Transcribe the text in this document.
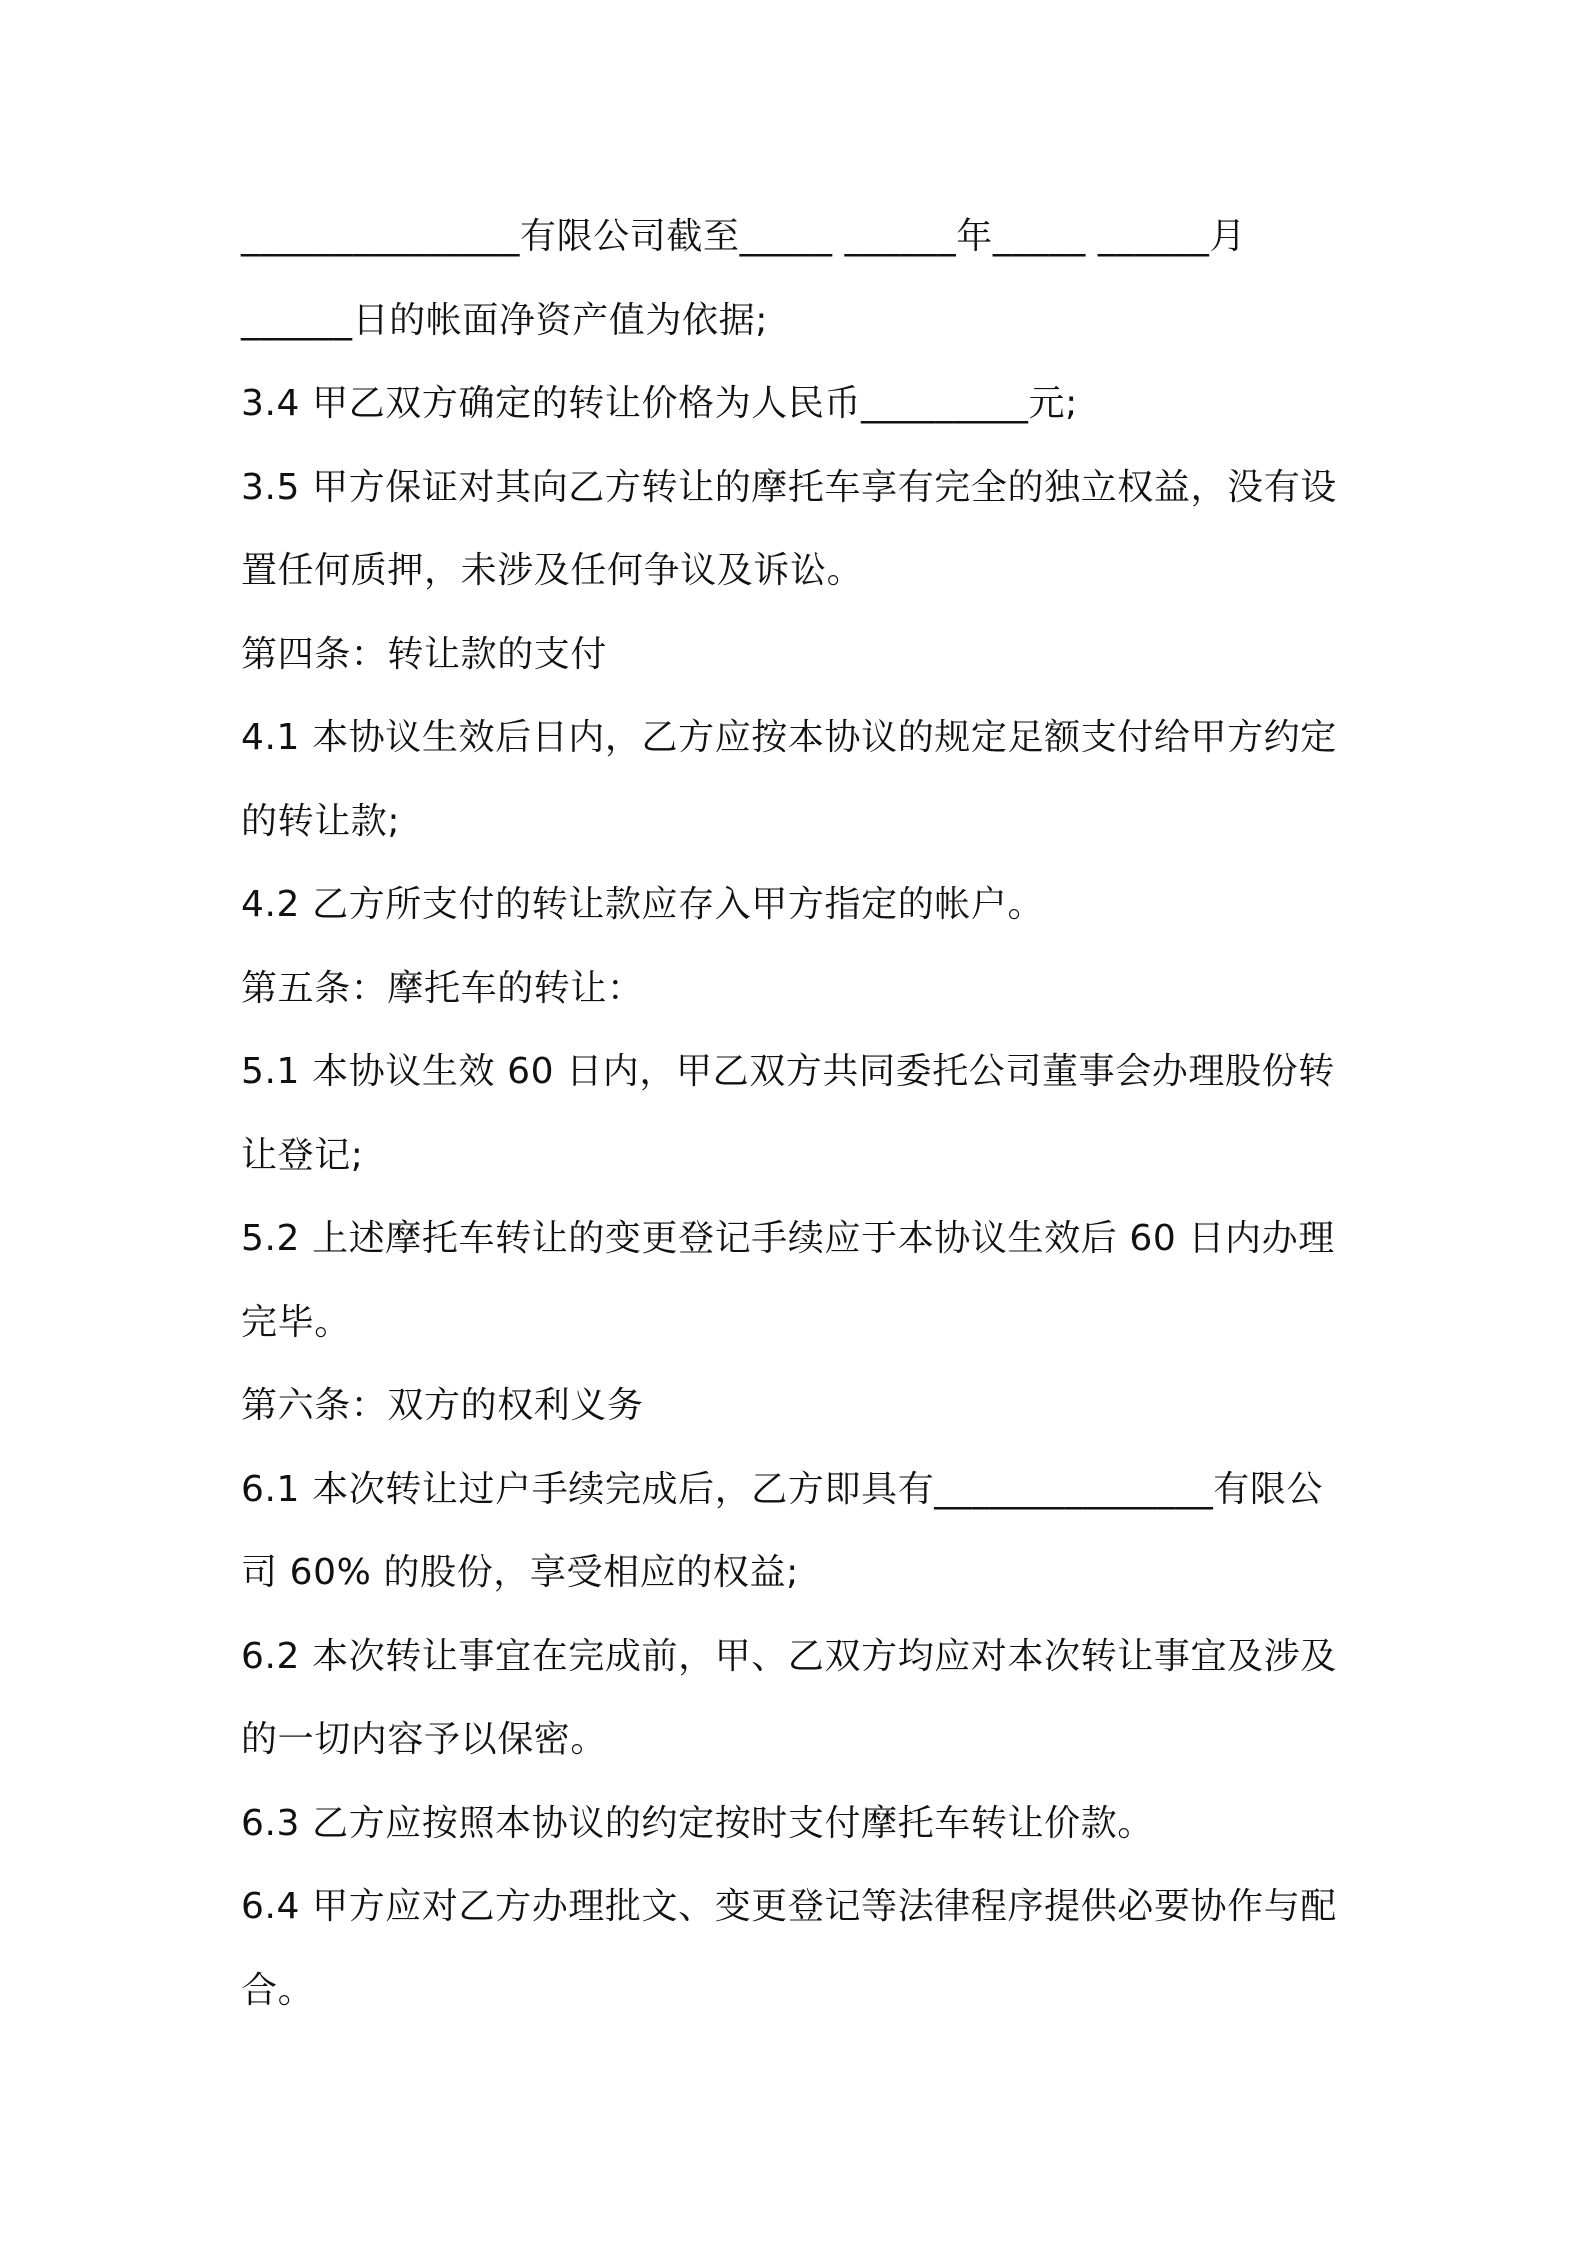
_______________有限公司截至_____ ______年_____ ______月
______日的帐面净资产值为依据;
3.4 甲乙双方确定的转让价格为人民币_________元;
3.5 甲方保证对其向乙方转让的摩托车享有完全的独立权益，没有设
置任何质押，未涉及任何争议及诉讼。
第四条：转让款的支付
4.1 本协议生效后日内，乙方应按本协议的规定足额支付给甲方约定
的转让款;
4.2 乙方所支付的转让款应存入甲方指定的帐户。
第五条：摩托车的转让：
5.1 本协议生效 60 日内，甲乙双方共同委托公司董事会办理股份转
让登记;
5.2 上述摩托车转让的变更登记手续应于本协议生效后 60 日内办理
完毕。
第六条：双方的权利义务
6.1 本次转让过户手续完成后，乙方即具有_______________有限公
司 60% 的股份，享受相应的权益;
6.2 本次转让事宜在完成前，甲、乙双方均应对本次转让事宜及涉及
的一切内容予以保密。
6.3 乙方应按照本协议的约定按时支付摩托车转让价款。
6.4 甲方应对乙方办理批文、变更登记等法律程序提供必要协作与配
合。
